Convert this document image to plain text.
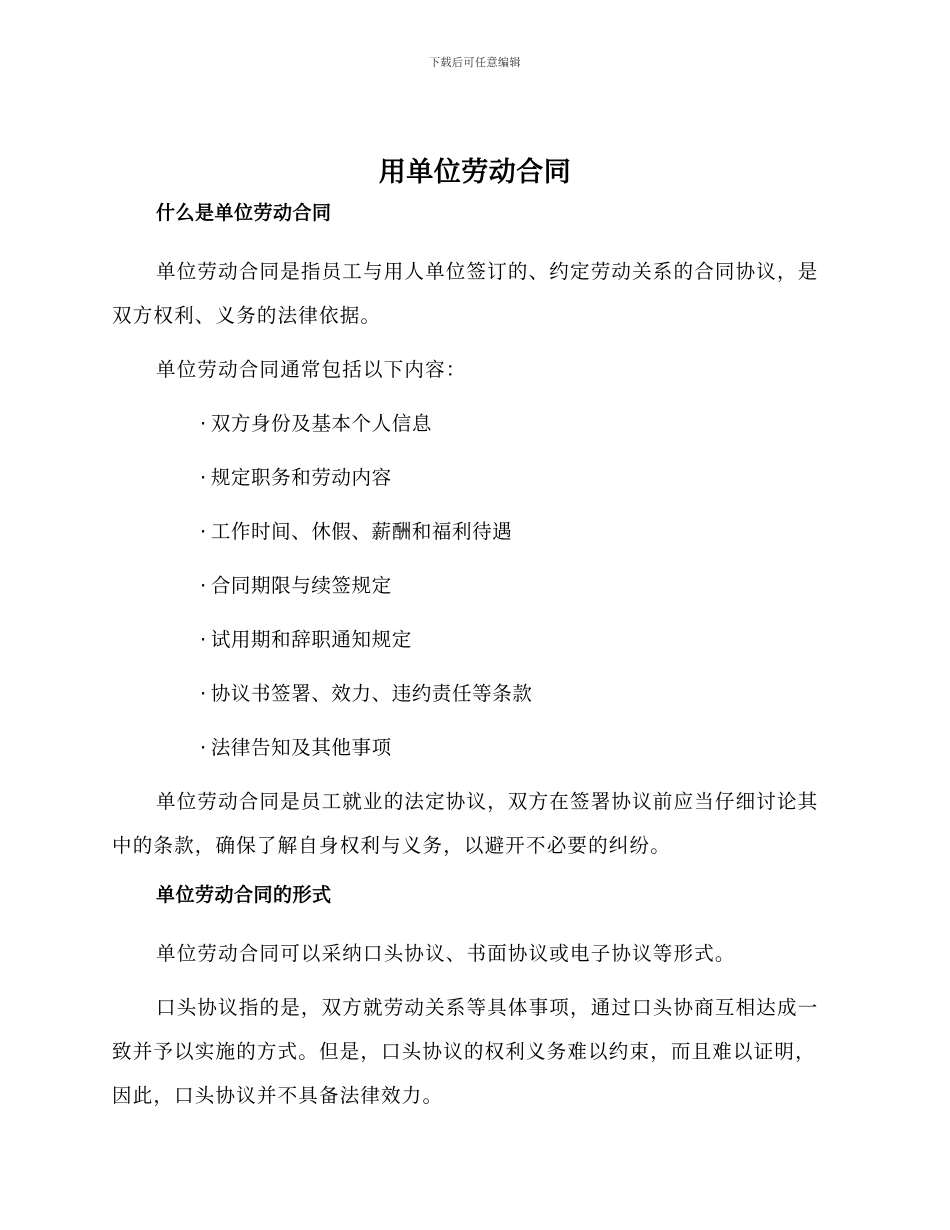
下载后可任意编辑
用单位劳动合同
什么是单位劳动合同
单位劳动合同是指员工与用人单位签订的、约定劳动关系的合同协议，是双方权利、义务的法律依据。
单位劳动合同通常包括以下内容：
· 双方身份及基本个人信息
· 规定职务和劳动内容
· 工作时间、休假、薪酬和福利待遇
· 合同期限与续签规定
· 试用期和辞职通知规定
· 协议书签署、效力、违约责任等条款
· 法律告知及其他事项
单位劳动合同是员工就业的法定协议，双方在签署协议前应当仔细讨论其中的条款，确保了解自身权利与义务，以避开不必要的纠纷。
单位劳动合同的形式
单位劳动合同可以采纳口头协议、书面协议或电子协议等形式。
口头协议指的是，双方就劳动关系等具体事项，通过口头协商互相达成一致并予以实施的方式。但是，口头协议的权利义务难以约束，而且难以证明，因此，口头协议并不具备法律效力。
